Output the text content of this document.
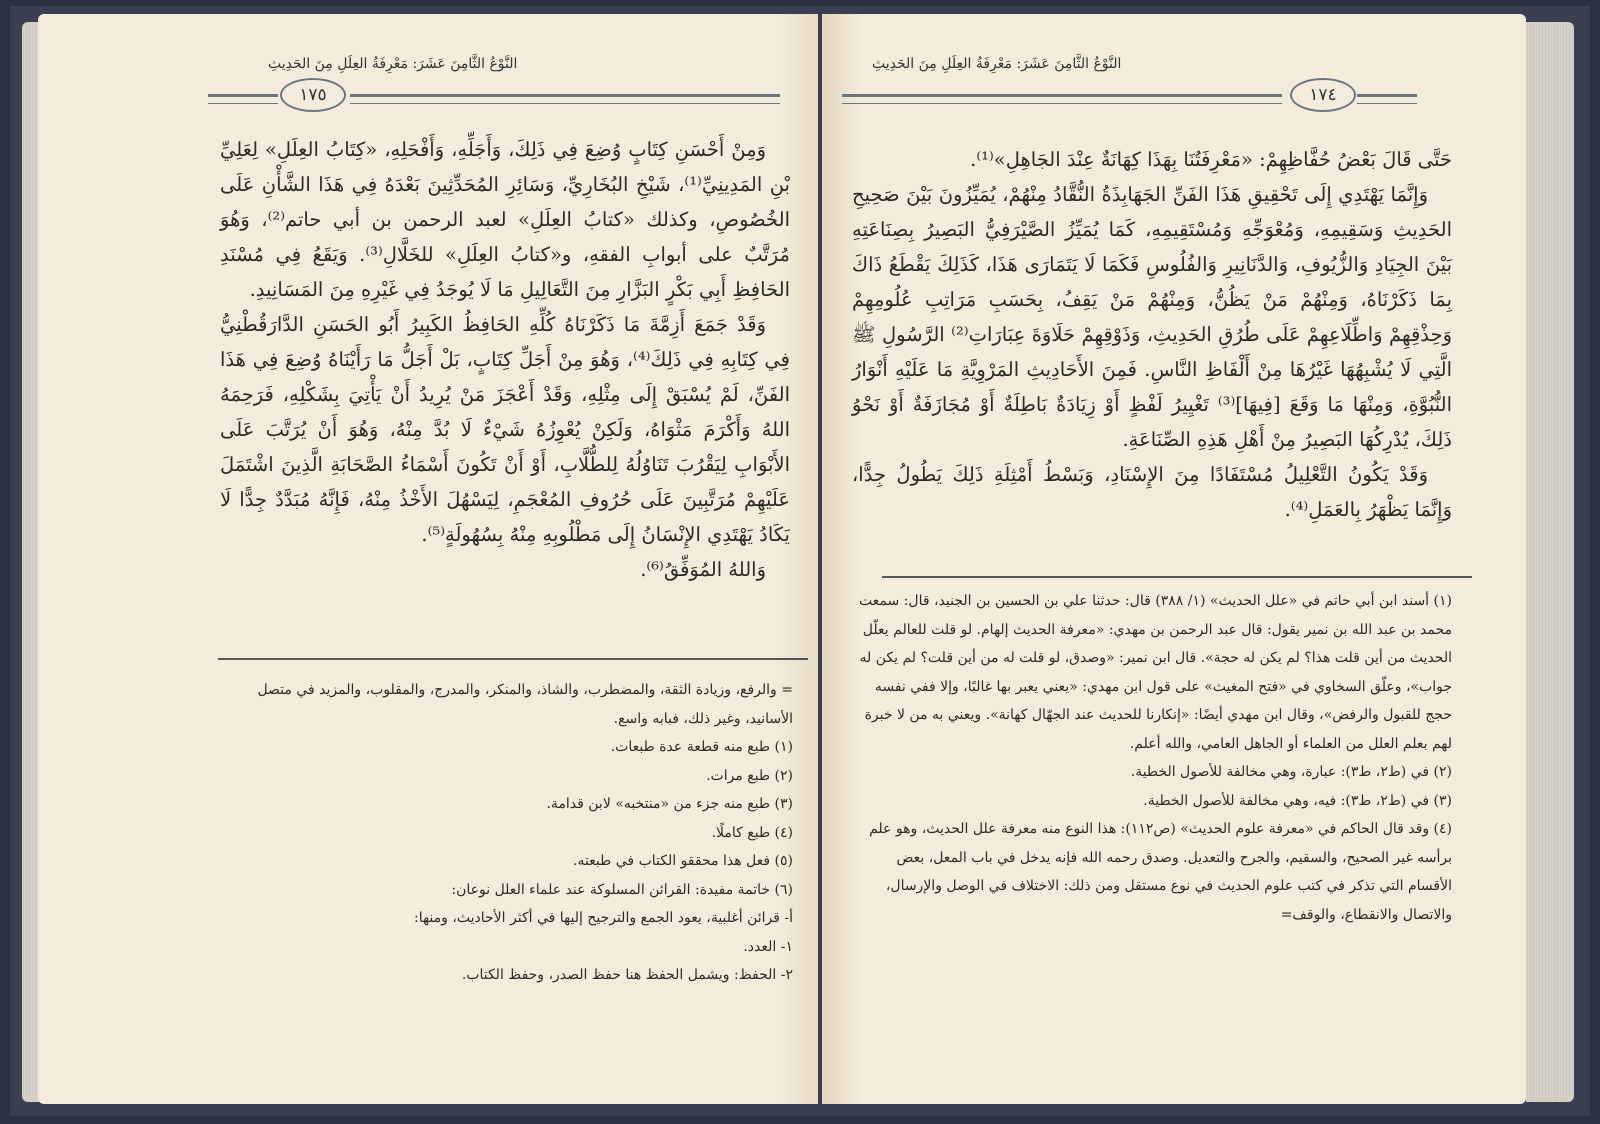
النَّوْعُ الثَّامِنَ عَشَرَ: مَعْرِفَةُ العِلَلِ مِنَ الحَدِيثِ
١٧٥

وَمِنْ أَحْسَنِ كِتَابٍ وُضِعَ فِي ذَلِكَ، وَأَجَلِّهِ، وَأَفْحَلِهِ، «كِتَابُ العِلَلِ» لِعَلِيِّ بْنِ المَدِينِيِّ⁽¹⁾، شَيْخِ البُخَارِيِّ، وَسَائِرِ المُحَدِّثِينَ بَعْدَهُ فِي هَذَا الشَّأْنِ عَلَى الخُصُوصِ، وكذلك «كتابُ العِلَلِ» لعبد الرحمن بن أبي حاتم⁽²⁾، وَهُوَ مُرَتَّبٌ على أبوابِ الفقهِ، و«كتابُ العِلَلِ» للخَلَّالِ⁽³⁾. وَيَقَعُ فِي مُسْنَدِ الحَافِظِ أَبِي بَكْرٍ البَزَّارِ مِنَ التَّعَالِيلِ مَا لَا يُوجَدُ فِي غَيْرِهِ مِنَ المَسَانِيدِ.

وَقَدْ جَمَعَ أَزِمَّةَ مَا ذَكَرْنَاهُ كُلِّهِ الحَافِظُ الكَبِيرُ أَبُو الحَسَنِ الدَّارَقُطْنِيُّ فِي كِتَابِهِ فِي ذَلِكَ⁽⁴⁾، وَهُوَ مِنْ أَجَلِّ كِتَابٍ، بَلْ أَجَلُّ مَا رَأَيْنَاهُ وُضِعَ فِي هَذَا الفَنِّ، لَمْ يُسْبَقْ إِلَى مِثْلِهِ، وَقَدْ أَعْجَزَ مَنْ يُرِيدُ أَنْ يَأْتِيَ بِشَكْلِهِ، فَرَحِمَهُ اللهُ وَأَكْرَمَ مَثْوَاهُ، وَلَكِنْ يُعْوِزُهُ شَيْءٌ لَا بُدَّ مِنْهُ، وَهُوَ أَنْ يُرَتَّبَ عَلَى الأَبْوَابِ لِيَقْرُبَ تَنَاوُلُهُ لِلطُّلَّابِ، أَوْ أَنْ تَكُونَ أَسْمَاءُ الصَّحَابَةِ الَّذِينَ اشْتَمَلَ عَلَيْهِمْ مُرَتَّبِينَ عَلَى حُرُوفِ المُعْجَمِ، لِيَسْهُلَ الأَخْذُ مِنْهُ، فَإِنَّهُ مُبَدَّدٌ جِدًّا لَا يَكَادُ يَهْتَدِي الإِنْسَانُ إِلَى مَطْلُوبِهِ مِنْهُ بِسُهُولَةٍ⁽⁵⁾.

وَاللهُ المُوَفِّقُ⁽⁶⁾.

= والرفع، وزيادة الثقة، والمضطرب، والشاذ، والمنكر، والمدرج، والمقلوب، والمزيد في متصل الأسانيد، وغير ذلك، فبابه واسع.
(١) طبع منه قطعة عدة طبعات.
(٢) طبع مرات.
(٣) طبع منه جزء من «منتخبه» لابن قدامة.
(٤) طبع كاملًا.
(٥) فعل هذا محققو الكتاب في طبعته.
(٦) خاتمة مفيدة: القرائن المسلوكة عند علماء العلل نوعان:
أ- قرائن أغلبية، يعود الجمع والترجيح إليها في أكثر الأحاديث، ومنها:
١- العدد.
٢- الحفظ: ويشمل الحفظ هنا حفظ الصدر، وحفظ الكتاب.
النَّوْعُ الثَّامِنَ عَشَرَ: مَعْرِفَةُ العِلَلِ مِنَ الحَدِيثِ
١٧٤

حَتَّى قَالَ بَعْضُ حُفَّاظِهِمْ: «مَعْرِفَتُنَا بِهَذَا كِهَانَةٌ عِنْدَ الجَاهِلِ»⁽¹⁾.

وَإِنَّمَا يَهْتَدِي إِلَى تَحْقِيقِ هَذَا الفَنِّ الجَهَابِذَةُ النُّقَّادُ مِنْهُمْ، يُمَيِّزُونَ بَيْنَ صَحِيحِ الحَدِيثِ وَسَقِيمِهِ، وَمُعْوَجِّهِ وَمُسْتَقِيمِهِ، كَمَا يُمَيِّزُ الصَّيْرَفِيُّ البَصِيرُ بِصِنَاعَتِهِ بَيْنَ الجِيَادِ وَالزُّيُوفِ، وَالدَّنَانِيرِ وَالفُلُوسِ فَكَمَا لَا يَتَمَارَى هَذَا، كَذَلِكَ يَقْطَعُ ذَاكَ بِمَا ذَكَرْنَاهُ، وَمِنْهُمْ مَنْ يَظُنُّ، وَمِنْهُمْ مَنْ يَقِفُ، بِحَسَبِ مَرَاتِبِ عُلُومِهِمْ وَحِذْقِهِمْ وَاطِّلَاعِهِمْ عَلَى طُرُقِ الحَدِيثِ، وَذَوْقِهِمْ حَلَاوَةَ عِبَارَاتِ⁽²⁾ الرَّسُولِ ﷺ الَّتِي لَا يُشْبِهُهَا غَيْرُهَا مِنْ أَلْفَاظِ النَّاسِ. فَمِنَ الأَحَادِيثِ المَرْوِيَّةِ مَا عَلَيْهِ أَنْوَارُ النُّبُوَّةِ، وَمِنْهَا مَا وَقَعَ [فِيهَا]⁽³⁾ تَغْيِيرُ لَفْظٍ أَوْ زِيَادَةٌ بَاطِلَةٌ أَوْ مُجَازَفَةٌ أَوْ نَحْوُ ذَلِكَ، يُدْرِكُهَا البَصِيرُ مِنْ أَهْلِ هَذِهِ الصِّنَاعَةِ.

وَقَدْ يَكُونُ التَّعْلِيلُ مُسْتَفَادًا مِنَ الإِسْنَادِ، وَبَسْطُ أَمْثِلَةِ ذَلِكَ يَطُولُ جِدًّا، وَإِنَّمَا يَظْهَرُ بِالعَمَلِ⁽⁴⁾.

(١) أسند ابن أبي حاتم في «علل الحديث» (١/ ٣٨٨) قال: حدثنا علي بن الحسين بن الجنيد، قال: سمعت محمد بن عبد الله بن نمير يقول: قال عبد الرحمن بن مهدي: «معرفة الحديث إلهام. لو قلت للعالم يعلّل الحديث من أين قلت هذا؟ لم يكن له حجة». قال ابن نمير: «وصدق، لو قلت له من أين قلت؟ لم يكن له جواب»، وعلّق السخاوي في «فتح المغيث» على قول ابن مهدي: «يعني يعبر بها غالبًا، وإلا ففي نفسه حجج للقبول والرفض»، وقال ابن مهدي أيضًا: «إنكارنا للحديث عند الجهّال كهانة». ويعني به من لا خبرة لهم بعلم العلل من العلماء أو الجاهل العامي، والله أعلم.
(٢) في (ط٢، ط٣): عبارة، وهي مخالفة للأصول الخطية.
(٣) في (ط٢، ط٣): فيه، وهي مخالفة للأصول الخطية.
(٤) وقد قال الحاكم في «معرفة علوم الحديث» (ص١١٢): هذا النوع منه معرفة علل الحديث، وهو علم برأسه غير الصحيح، والسقيم، والجرح والتعديل. وصدق رحمه الله فإنه يدخل في باب المعل، بعض الأقسام التي تذكر في كتب علوم الحديث في نوع مستقل ومن ذلك: الاختلاف في الوصل والإرسال، والاتصال والانقطاع، والوقف=
